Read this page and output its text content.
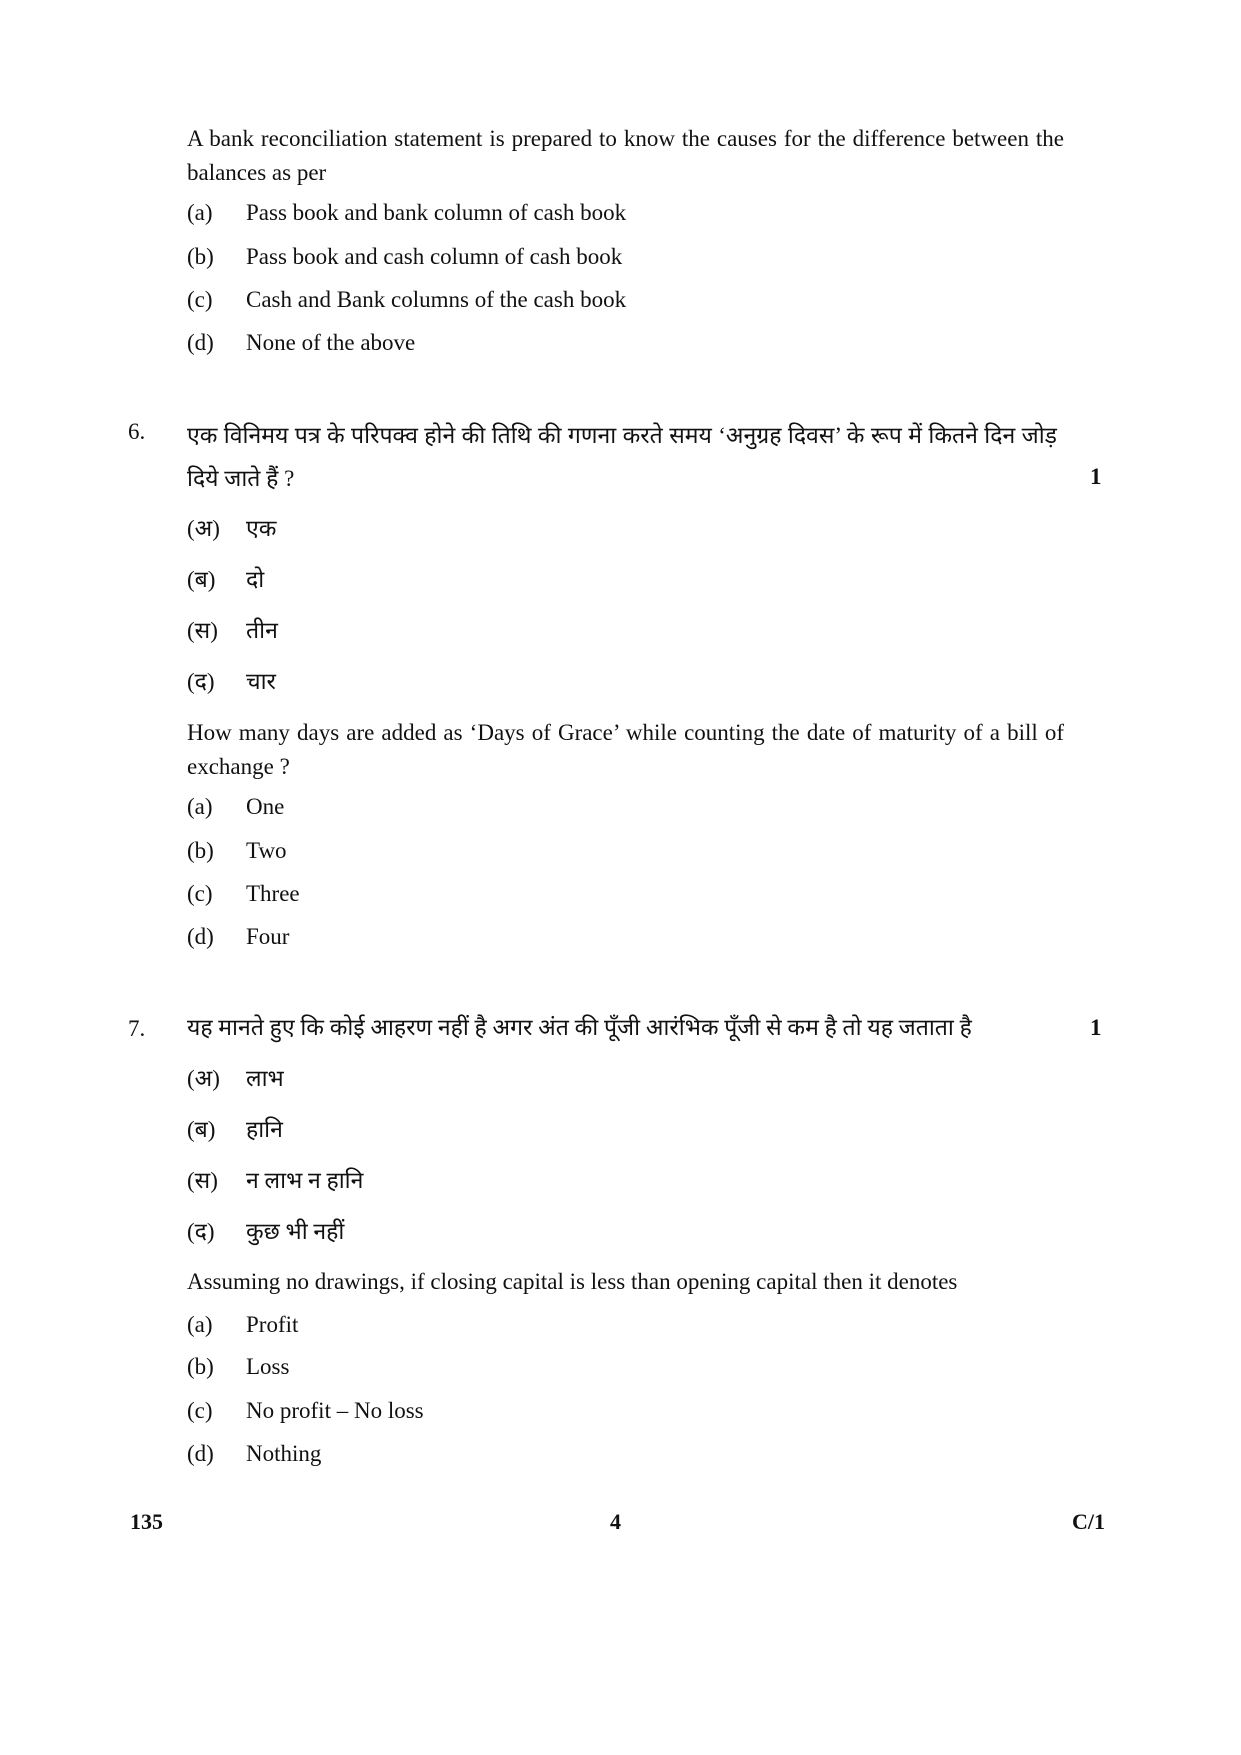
A bank reconciliation statement is prepared to know the causes for the difference between the balances as per

(a) Pass book and bank column of cash book
(b) Pass book and cash column of cash book
(c) Cash and Bank columns of the cash book
(d) None of the above
6. एक विनिमय पत्र के परिपक्व होने की तिथि की गणना करते समय ‘अनुग्रह दिवस’ के रूप में कितने दिन जोड़ दिये जाते हैं ?	1
(अ) एक
(ब) दो
(स) तीन
(द) चार

How many days are added as ‘Days of Grace’ while counting the date of maturity of a bill of exchange ?

(a) One
(b) Two
(c) Three
(d) Four
7. यह मानते हुए कि कोई आहरण नहीं है अगर अंत की पूँजी आरंभिक पूँजी से कम है तो यह जताता है	1
(अ) लाभ
(ब) हानि
(स) न लाभ न हानि
(द) कुछ भी नहीं
Assuming no drawings, if closing capital is less than opening capital then it denotes
(a) Profit
(b) Loss
(c) No profit – No loss
(d) Nothing
135	4	C/1
